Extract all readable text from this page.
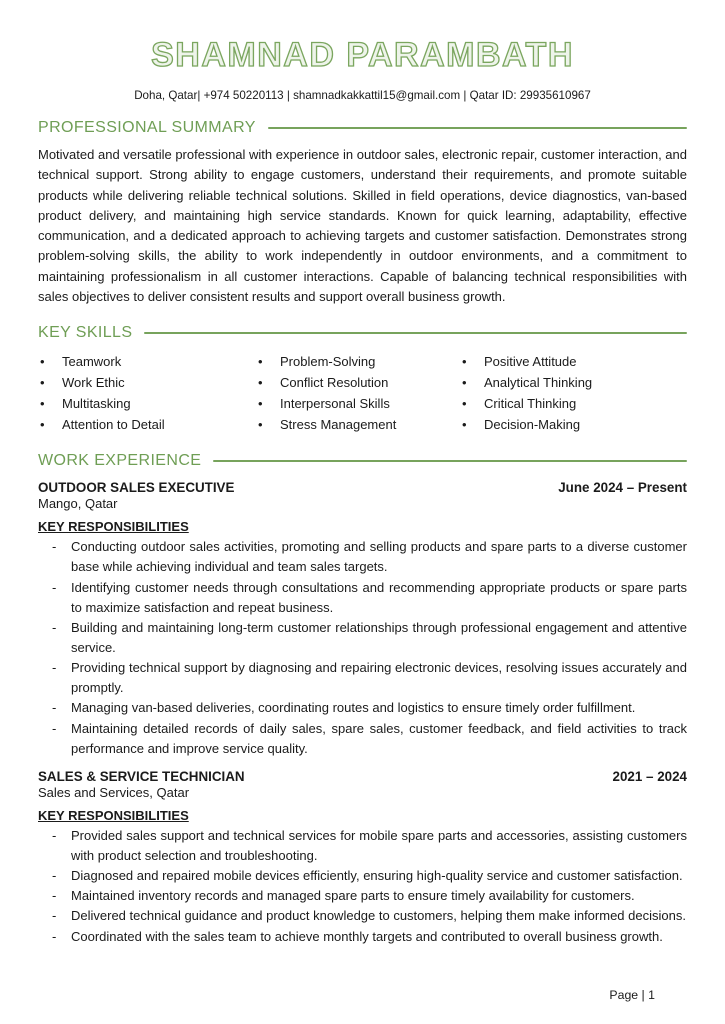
SHAMNAD PARAMBATH

Doha, Qatar| +974 50220113 | shamnadkakkattil15@gmail.com | Qatar ID: 29935610967

PROFESSIONAL SUMMARY

Motivated and versatile professional with experience in outdoor sales, electronic repair, customer interaction, and technical support. Strong ability to engage customers, understand their requirements, and promote suitable products while delivering reliable technical solutions. Skilled in field operations, device diagnostics, van-based product delivery, and maintaining high service standards. Known for quick learning, adaptability, effective communication, and a dedicated approach to achieving targets and customer satisfaction. Demonstrates strong problem-solving skills, the ability to work independently in outdoor environments, and a commitment to maintaining professionalism in all customer interactions. Capable of balancing technical responsibilities with sales objectives to deliver consistent results and support overall business growth.

KEY SKILLS
•	Teamwork
•	Work Ethic
•	Multitasking
•	Attention to Detail
•	Problem-Solving
•	Conflict Resolution
•	Interpersonal Skills
•	Stress Management
•	Positive Attitude
•	Analytical Thinking
•	Critical Thinking
•	Decision-Making
WORK EXPERIENCE
OUTDOOR SALES EXECUTIVE	June 2024 – Present

Mango, Qatar

KEY RESPONSIBILITIES

-	Conducting outdoor sales activities, promoting and selling products and spare parts to a diverse customer base while achieving individual and team sales targets.
-	Identifying customer needs through consultations and recommending appropriate products or spare parts to maximize satisfaction and repeat business.
-	Building and maintaining long-term customer relationships through professional engagement and attentive service.
-	Providing technical support by diagnosing and repairing electronic devices, resolving issues accurately and promptly.
-	Managing van-based deliveries, coordinating routes and logistics to ensure timely order fulfillment.
-	Maintaining detailed records of daily sales, spare sales, customer feedback, and field activities to track performance and improve service quality.
SALES & SERVICE TECHNICIAN	2021 – 2024

Sales and Services, Qatar

KEY RESPONSIBILITIES

-	Provided sales support and technical services for mobile spare parts and accessories, assisting customers with product selection and troubleshooting.
-	Diagnosed and repaired mobile devices efficiently, ensuring high-quality service and customer satisfaction.
-	Maintained inventory records and managed spare parts to ensure timely availability for customers.
-	Delivered technical guidance and product knowledge to customers, helping them make informed decisions.
-	Coordinated with the sales team to achieve monthly targets and contributed to overall business growth.
Page | 1
